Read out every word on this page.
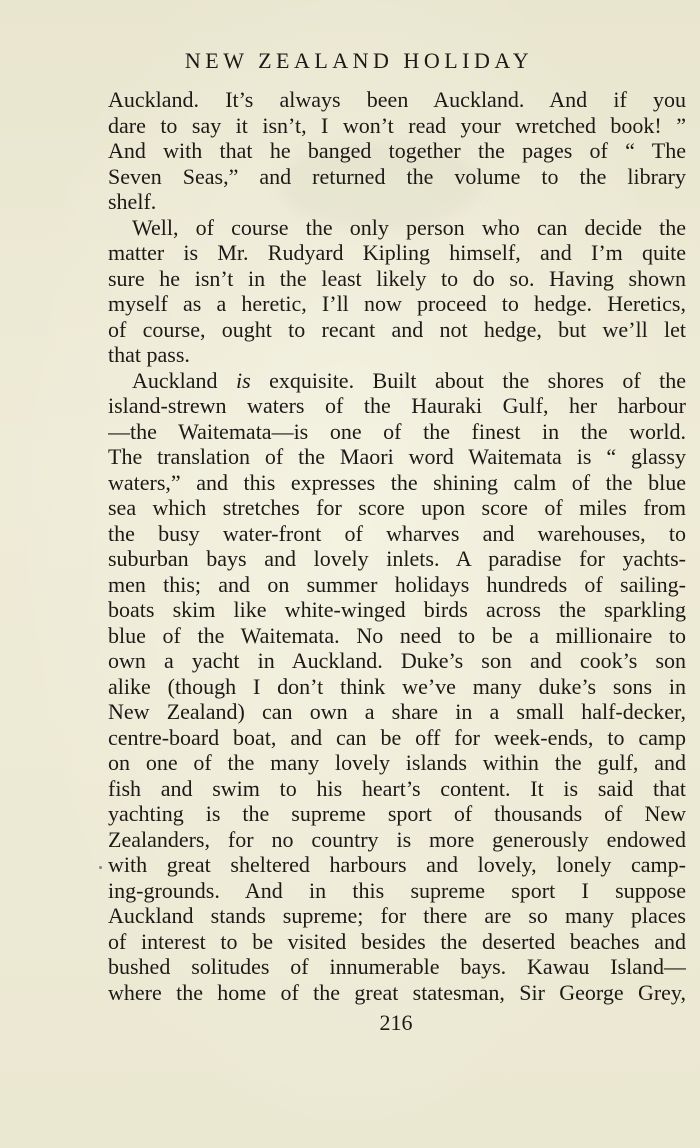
NEW ZEALAND HOLIDAY
Auckland. It’s always been Auckland. And if you
dare to say it isn’t, I won’t read your wretched book! ”
And with that he banged together the pages of “ The
Seven Seas,” and returned the volume to the library
shelf.
Well, of course the only person who can decide the
matter is Mr. Rudyard Kipling himself, and I’m quite
sure he isn’t in the least likely to do so. Having shown
myself as a heretic, I’ll now proceed to hedge. Heretics,
of course, ought to recant and not hedge, but we’ll let
that pass.
Auckland is exquisite. Built about the shores of the
island-strewn waters of the Hauraki Gulf, her harbour
—the Waitemata—is one of the finest in the world.
The translation of the Maori word Waitemata is “ glassy
waters,” and this expresses the shining calm of the blue
sea which stretches for score upon score of miles from
the busy water-front of wharves and warehouses, to
suburban bays and lovely inlets. A paradise for yachts-
men this; and on summer holidays hundreds of sailing-
boats skim like white-winged birds across the sparkling
blue of the Waitemata. No need to be a millionaire to
own a yacht in Auckland. Duke’s son and cook’s son
alike (though I don’t think we’ve many duke’s sons in
New Zealand) can own a share in a small half-decker,
centre-board boat, and can be off for week-ends, to camp
on one of the many lovely islands within the gulf, and
fish and swim to his heart’s content. It is said that
yachting is the supreme sport of thousands of New
Zealanders, for no country is more generously endowed
with great sheltered harbours and lovely, lonely camp-
ing-grounds. And in this supreme sport I suppose
Auckland stands supreme; for there are so many places
of interest to be visited besides the deserted beaches and
bushed solitudes of innumerable bays. Kawau Island—
where the home of the great statesman, Sir George Grey,
216
